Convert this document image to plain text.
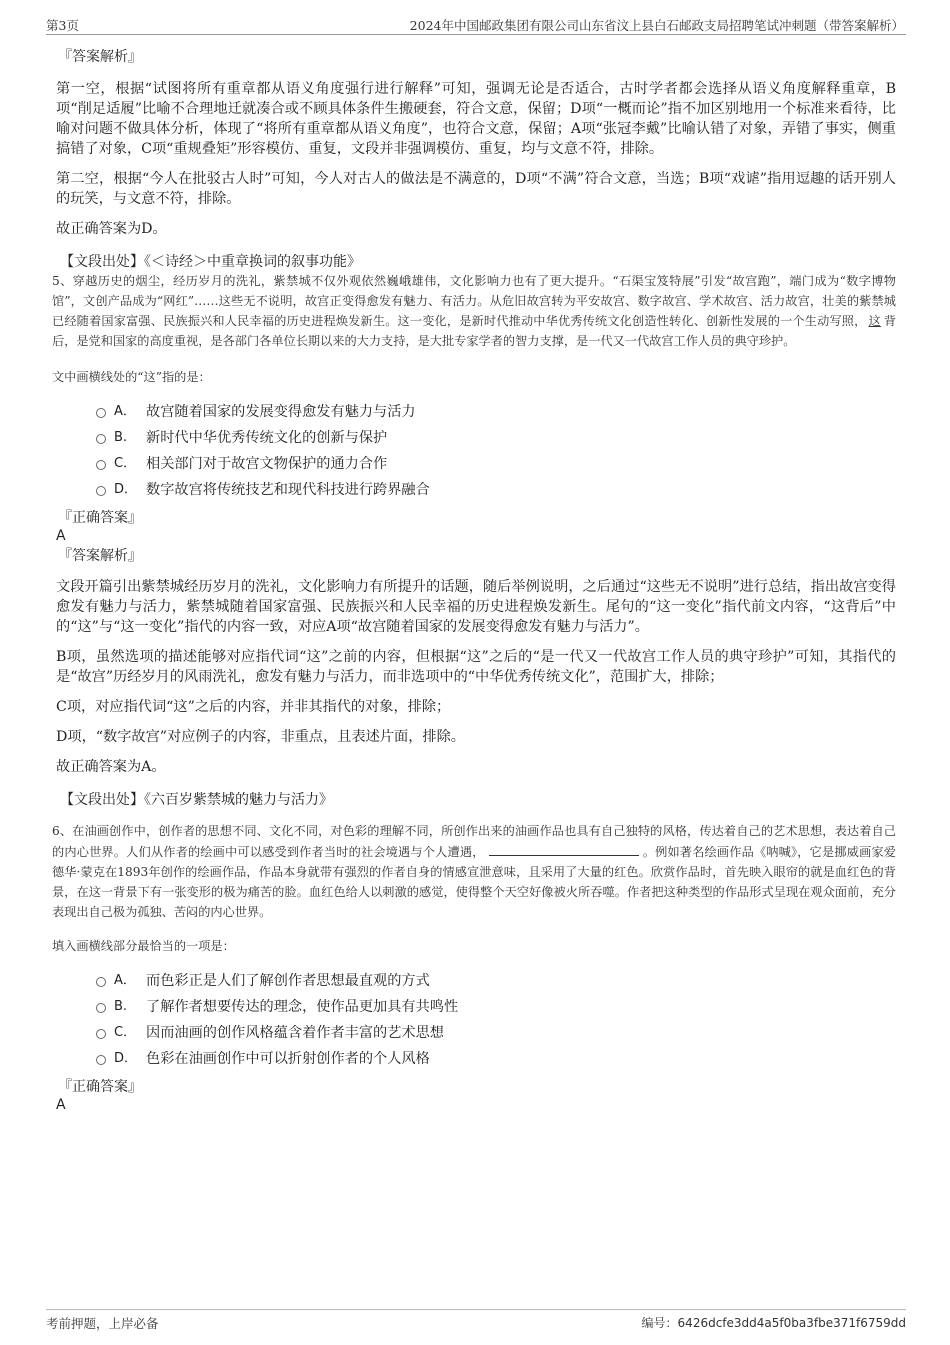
第3页	2024年中国邮政集团有限公司山东省汶上县白石邮政支局招聘笔试冲刺题（带答案解析）

『答案解析』

第一空，根据“试图将所有重章都从语义角度强行进行解释”可知，强调无论是否适合，古时学者都会选择从语义角度解释重章，B项“削足适履”比喻不合理地迁就凑合或不顾具体条件生搬硬套，符合文意，保留；D项“一概而论”指不加区别地用一个标准来看待，比喻对问题不做具体分析，体现了“将所有重章都从语义角度”，也符合文意，保留；A项“张冠李戴”比喻认错了对象，弄错了事实，侧重搞错了对象，C项“重规叠矩”形容模仿、重复，文段并非强调模仿、重复，均与文意不符，排除。

第二空，根据“今人在批驳古人时”可知，今人对古人的做法是不满意的，D项“不满”符合文意，当选；B项“戏谑”指用逗趣的话开别人的玩笑，与文意不符，排除。

故正确答案为D。

【文段出处】《＜诗经＞中重章换词的叙事功能》

5、穿越历史的烟尘，经历岁月的洗礼，紫禁城不仅外观依然巍峨雄伟，文化影响力也有了更大提升。“石渠宝笈特展”引发“故宫跑”，端门成为“数字博物馆”，文创产品成为“网红”……这些无不说明，故宫正变得愈发有魅力、有活力。从危旧故宫转为平安故宫、数字故宫、学术故宫、活力故宫，壮美的紫禁城已经随着国家富强、民族振兴和人民幸福的历史进程焕发新生。这一变化，是新时代推动中华优秀传统文化创造性转化、创新性发展的一个生动写照， 这 背后，是党和国家的高度重视，是各部门各单位长期以来的大力支持，是大批专家学者的智力支撑，是一代又一代故宫工作人员的典守珍护。

文中画横线处的“这”指的是：

A． 故宫随着国家的发展变得愈发有魅力与活力
B. 新时代中华优秀传统文化的创新与保护
C． 相关部门对于故宫文物保护的通力合作
D． 数字故宫将传统技艺和现代科技进行跨界融合

『正确答案』

A

『答案解析』

文段开篇引出紫禁城经历岁月的洗礼，文化影响力有所提升的话题，随后举例说明，之后通过“这些无不说明”进行总结，指出故宫变得愈发有魅力与活力，紫禁城随着国家富强、民族振兴和人民幸福的历史进程焕发新生。尾句的“这一变化”指代前文内容，“这背后”中的“这”与“这一变化”指代的内容一致，对应A项“故宫随着国家的发展变得愈发有魅力与活力”。

B项，虽然选项的描述能够对应指代词“这”之前的内容，但根据“这”之后的“是一代又一代故宫工作人员的典守珍护”可知，其指代的是“故宫”历经岁月的风雨洗礼，愈发有魅力与活力，而非选项中的“中华优秀传统文化”，范围扩大，排除；

C项，对应指代词“这”之后的内容，并非其指代的对象，排除；

D项，“数字故宫”对应例子的内容，非重点，且表述片面，排除。

故正确答案为A。

【文段出处】《六百岁紫禁城的魅力与活力》

6、在油画创作中，创作者的思想不同、文化不同，对色彩的理解不同，所创作出来的油画作品也具有自己独特的风格，传达着自己的艺术思想，表达着自己的内心世界。人们从作者的绘画中可以感受到作者当时的社会境遇与个人遭遇，	。例如著名绘画作品《呐喊》，它是挪威画家爱德华·蒙克在1893年创作的绘画作品，作品本身就带有强烈的作者自身的情感宣泄意味，且采用了大量的红色。欣赏作品时，首先映入眼帘的就是血红色的背景，在这一背景下有一张变形的极为痛苦的脸。血红色给人以刺激的感觉，使得整个天空好像被火所吞噬。作者把这种类型的作品形式呈现在观众面前，充分表现出自己极为孤独、苦闷的内心世界。

填入画横线部分最恰当的一项是：

A． 而色彩正是人们了解创作者思想最直观的方式
B. 了解作者想要传达的理念，使作品更加具有共鸣性
C． 因而油画的创作风格蕴含着作者丰富的艺术思想
D． 色彩在油画创作中可以折射创作者的个人风格

『正确答案』

A

考前押题，上岸必备	编号：6426dcfe3dd4a5f0ba3fbe371f6759dd
